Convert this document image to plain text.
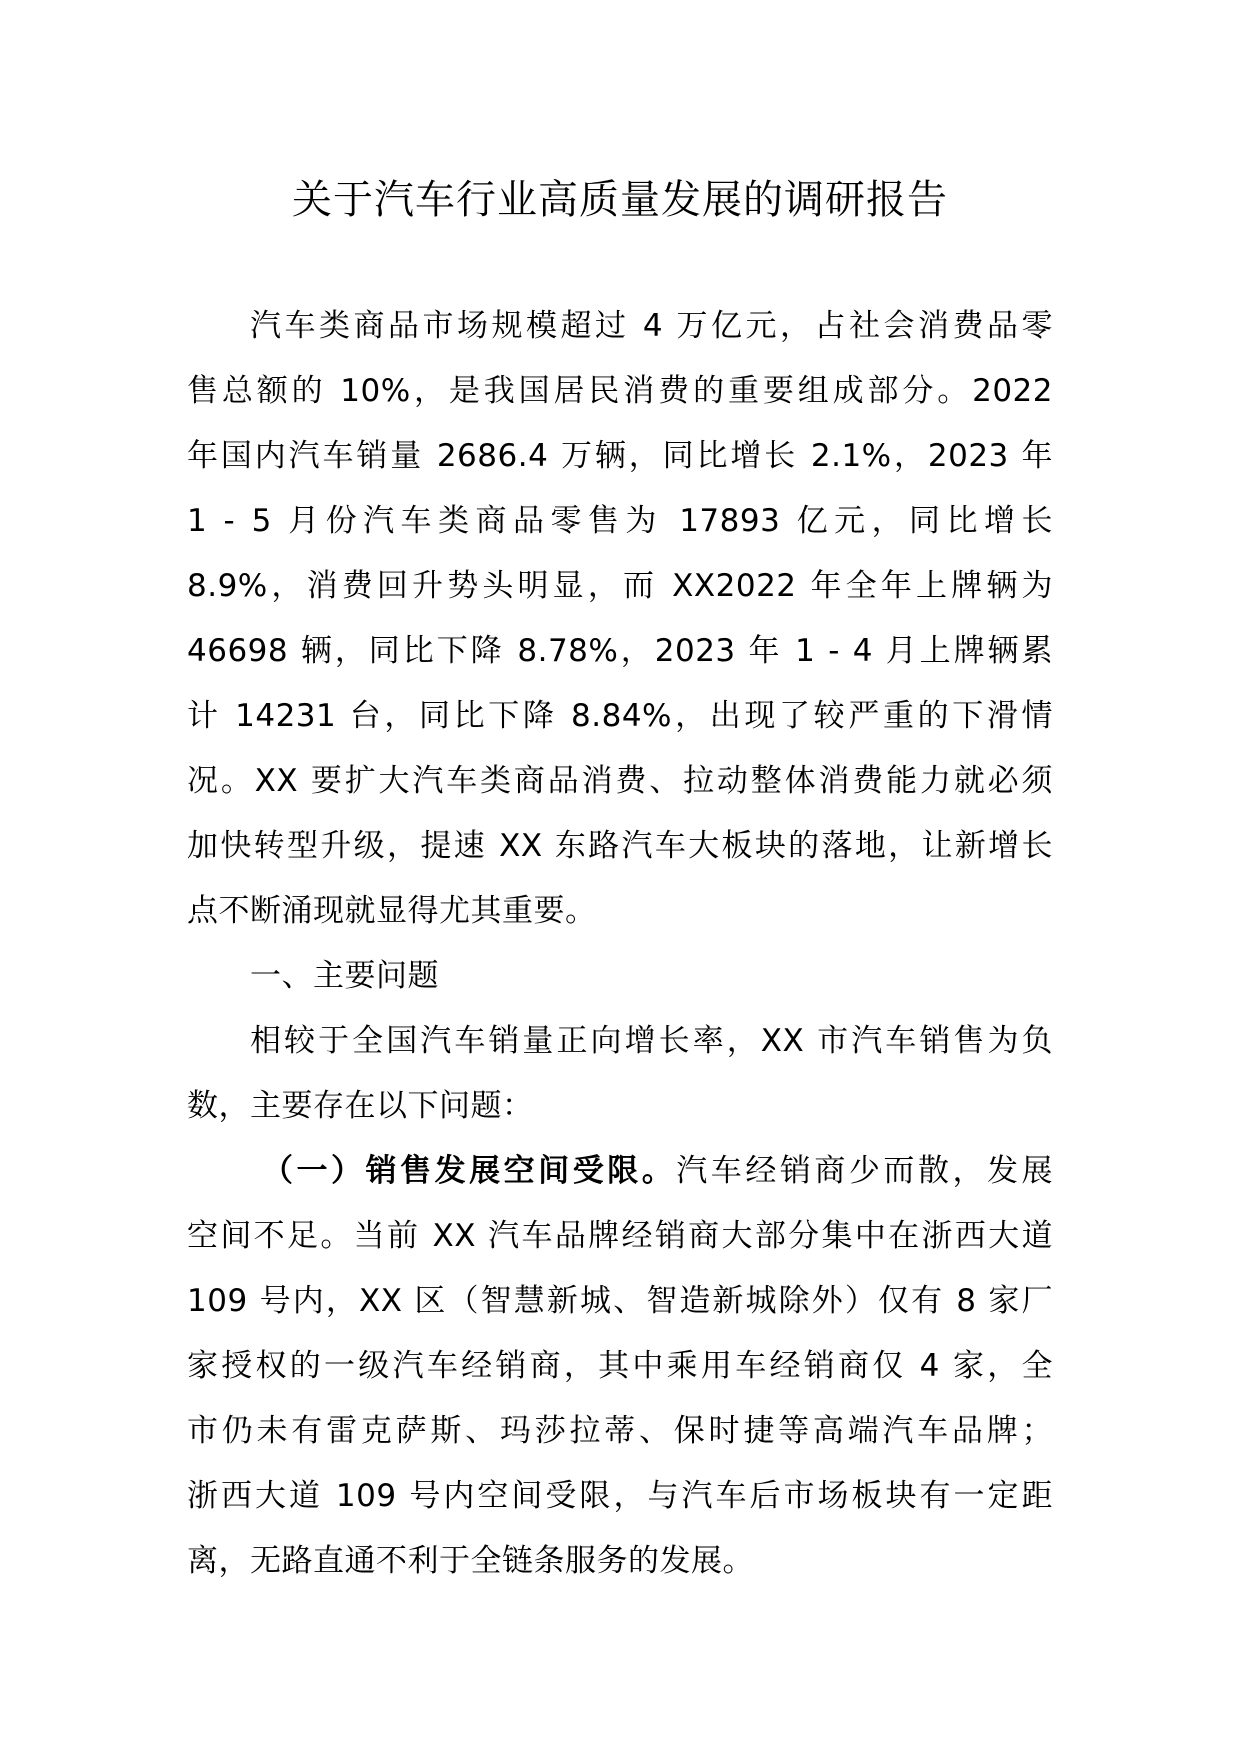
关于汽车行业高质量发展的调研报告
汽车类商品市场规模超过 4 万亿元，占社会消费品零
售总额的 10%，是我国居民消费的重要组成部分。2022
年国内汽车销量 2686.4 万辆，同比增长 2.1%，2023 年
1 - 5 月份汽车类商品零售为 17893 亿元，同比增长
8.9%，消费回升势头明显，而 XX2022 年全年上牌辆为
46698 辆，同比下降 8.78%，2023 年 1 - 4 月上牌辆累
计 14231 台，同比下降 8.84%，出现了较严重的下滑情
况。XX 要扩大汽车类商品消费、拉动整体消费能力就必须
加快转型升级，提速 XX 东路汽车大板块的落地，让新增长
点不断涌现就显得尤其重要。
一、主要问题
相较于全国汽车销量正向增长率，XX 市汽车销售为负
数，主要存在以下问题：
（一）销售发展空间受限。汽车经销商少而散，发展
空间不足。当前 XX 汽车品牌经销商大部分集中在浙西大道
109 号内，XX 区（智慧新城、智造新城除外）仅有 8 家厂
家授权的一级汽车经销商，其中乘用车经销商仅 4 家，全
市仍未有雷克萨斯、玛莎拉蒂、保时捷等高端汽车品牌；
浙西大道 109 号内空间受限，与汽车后市场板块有一定距
离，无路直通不利于全链条服务的发展。
